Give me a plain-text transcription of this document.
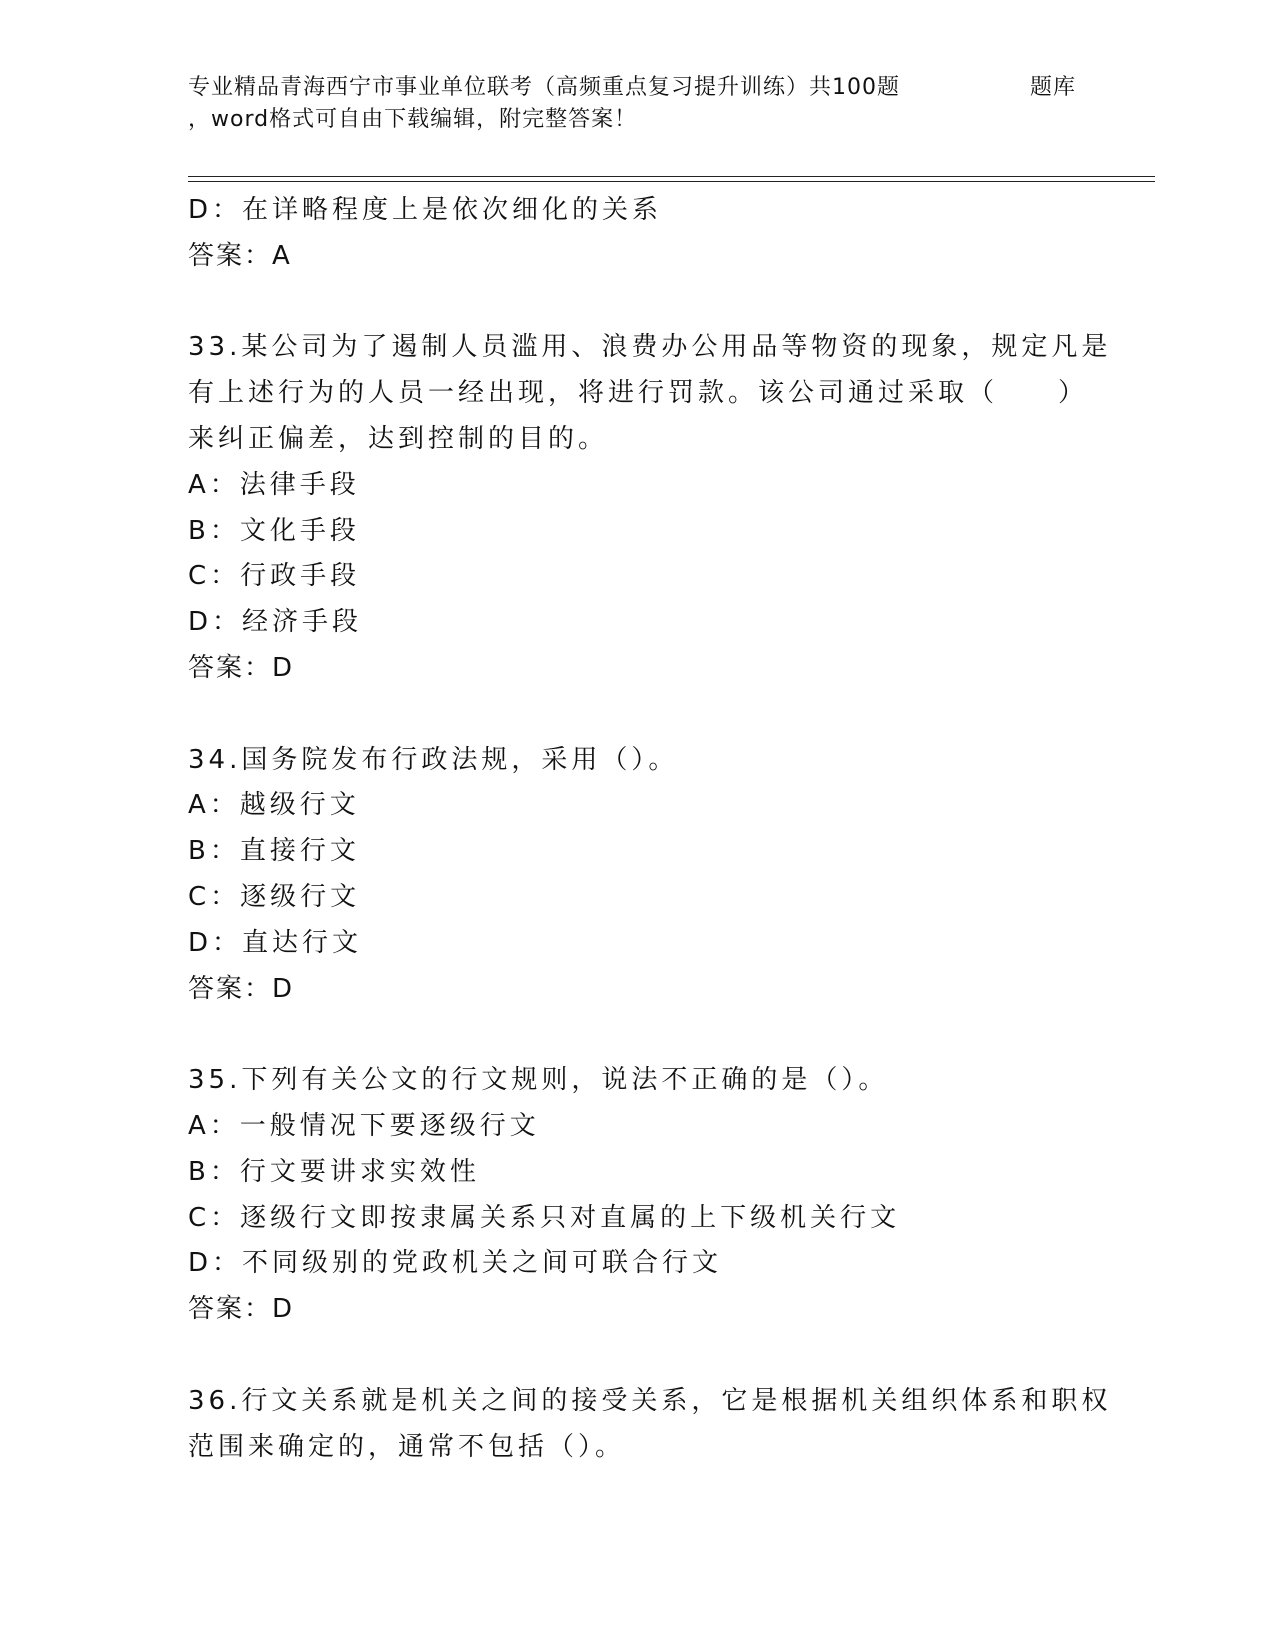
专业精品青海西宁市事业单位联考（高频重点复习提升训练）共100题
，word格式可自由下载编辑，附完整答案！
题库
D：在详略程度上是依次细化的关系
答案：A
33.某公司为了遏制人员滥用、浪费办公用品等物资的现象，规定凡是
有上述行为的人员一经出现，将进行罚款。该公司通过采取（　　）
来纠正偏差，达到控制的目的。
A：法律手段
B：文化手段
C：行政手段
D：经济手段
答案：D
34.国务院发布行政法规，采用（）。
A：越级行文
B：直接行文
C：逐级行文
D：直达行文
答案：D
35.下列有关公文的行文规则，说法不正确的是（）。
A：一般情况下要逐级行文
B：行文要讲求实效性
C：逐级行文即按隶属关系只对直属的上下级机关行文
D：不同级别的党政机关之间可联合行文
答案：D
36.行文关系就是机关之间的接受关系，它是根据机关组织体系和职权
范围来确定的，通常不包括（）。
